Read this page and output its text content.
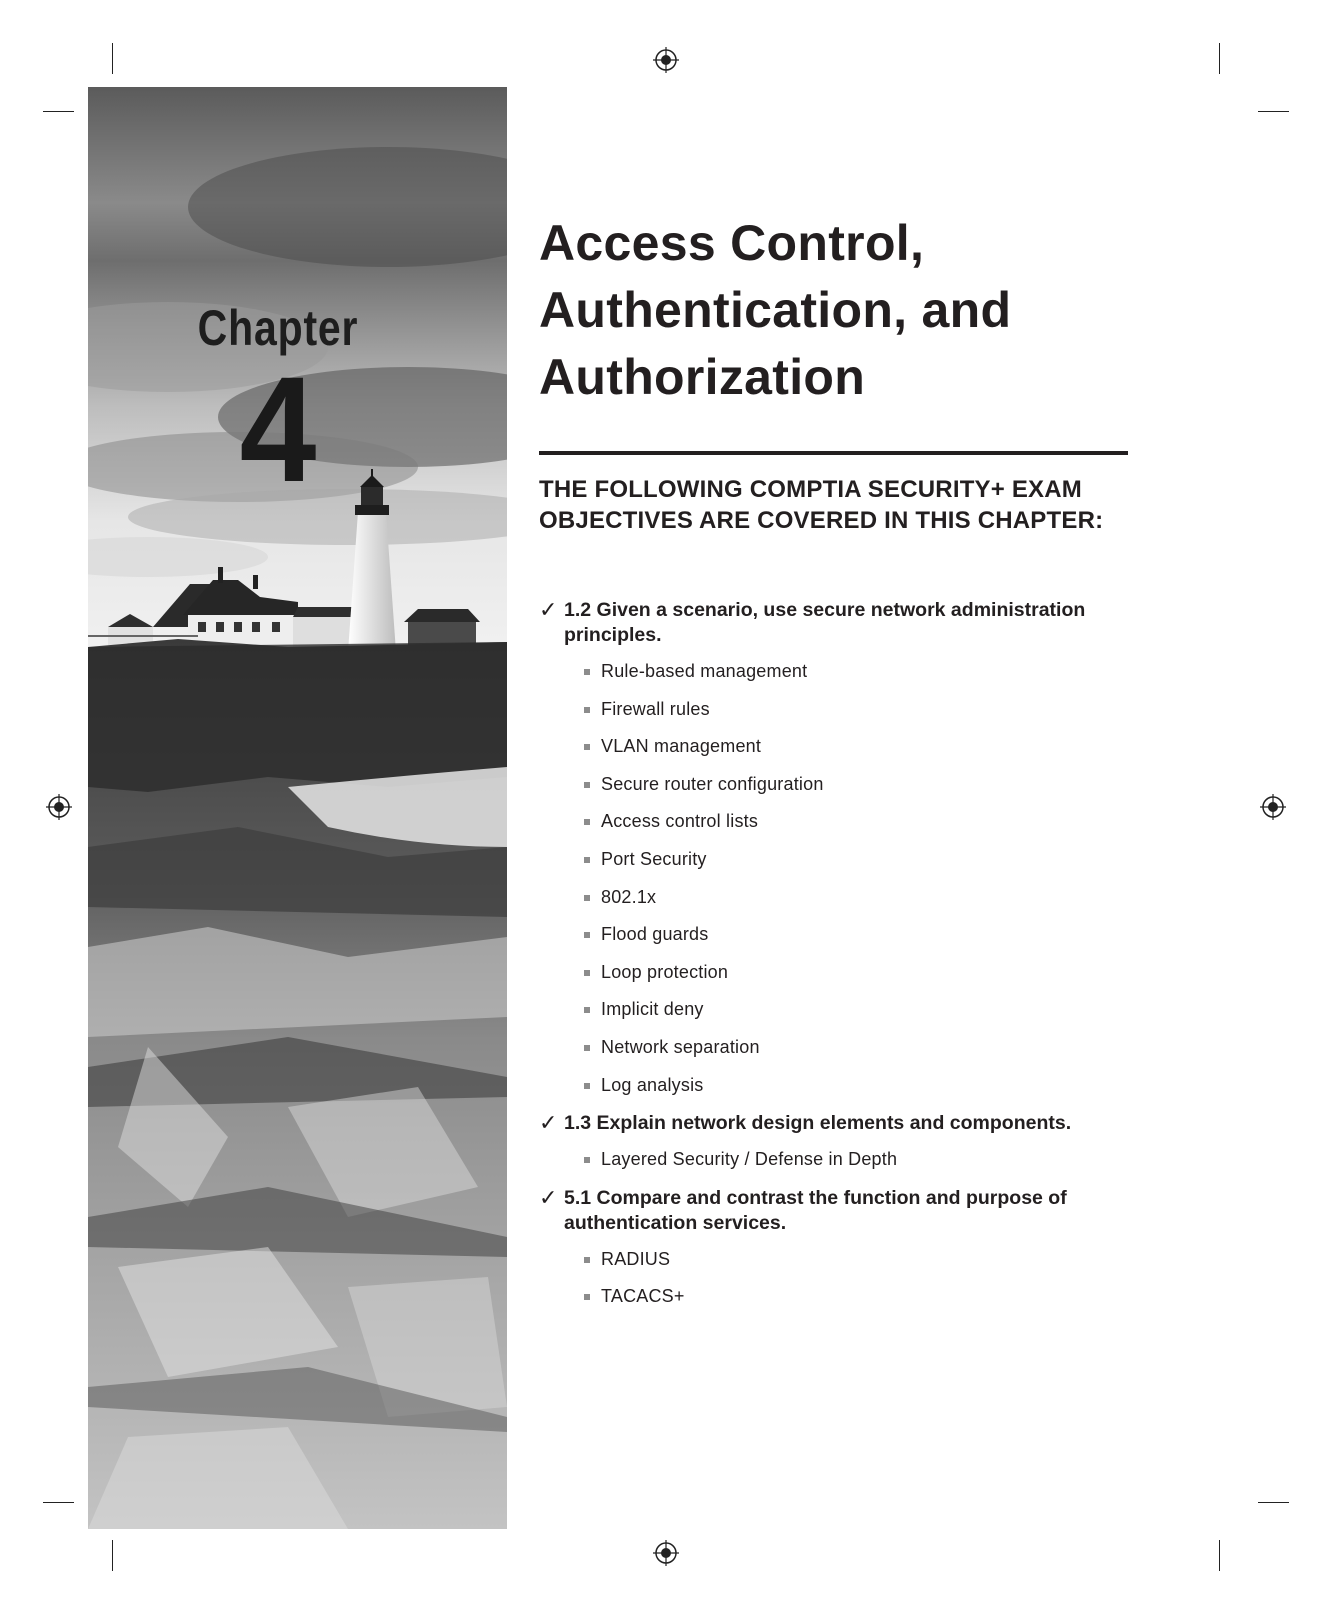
Chapter
4
Access Control, Authentication, and Authorization
THE FOLLOWING COMPTIA SECURITY+ EXAM OBJECTIVES ARE COVERED IN THIS CHAPTER:
✓ 1.2 Given a scenario, use secure network administration principles.
Rule-based management
Firewall rules
VLAN management
Secure router configuration
Access control lists
Port Security
802.1x
Flood guards
Loop protection
Implicit deny
Network separation
Log analysis
✓ 1.3 Explain network design elements and components.
Layered Security / Defense in Depth
✓ 5.1 Compare and contrast the function and purpose of authentication services.
RADIUS
TACACS+
